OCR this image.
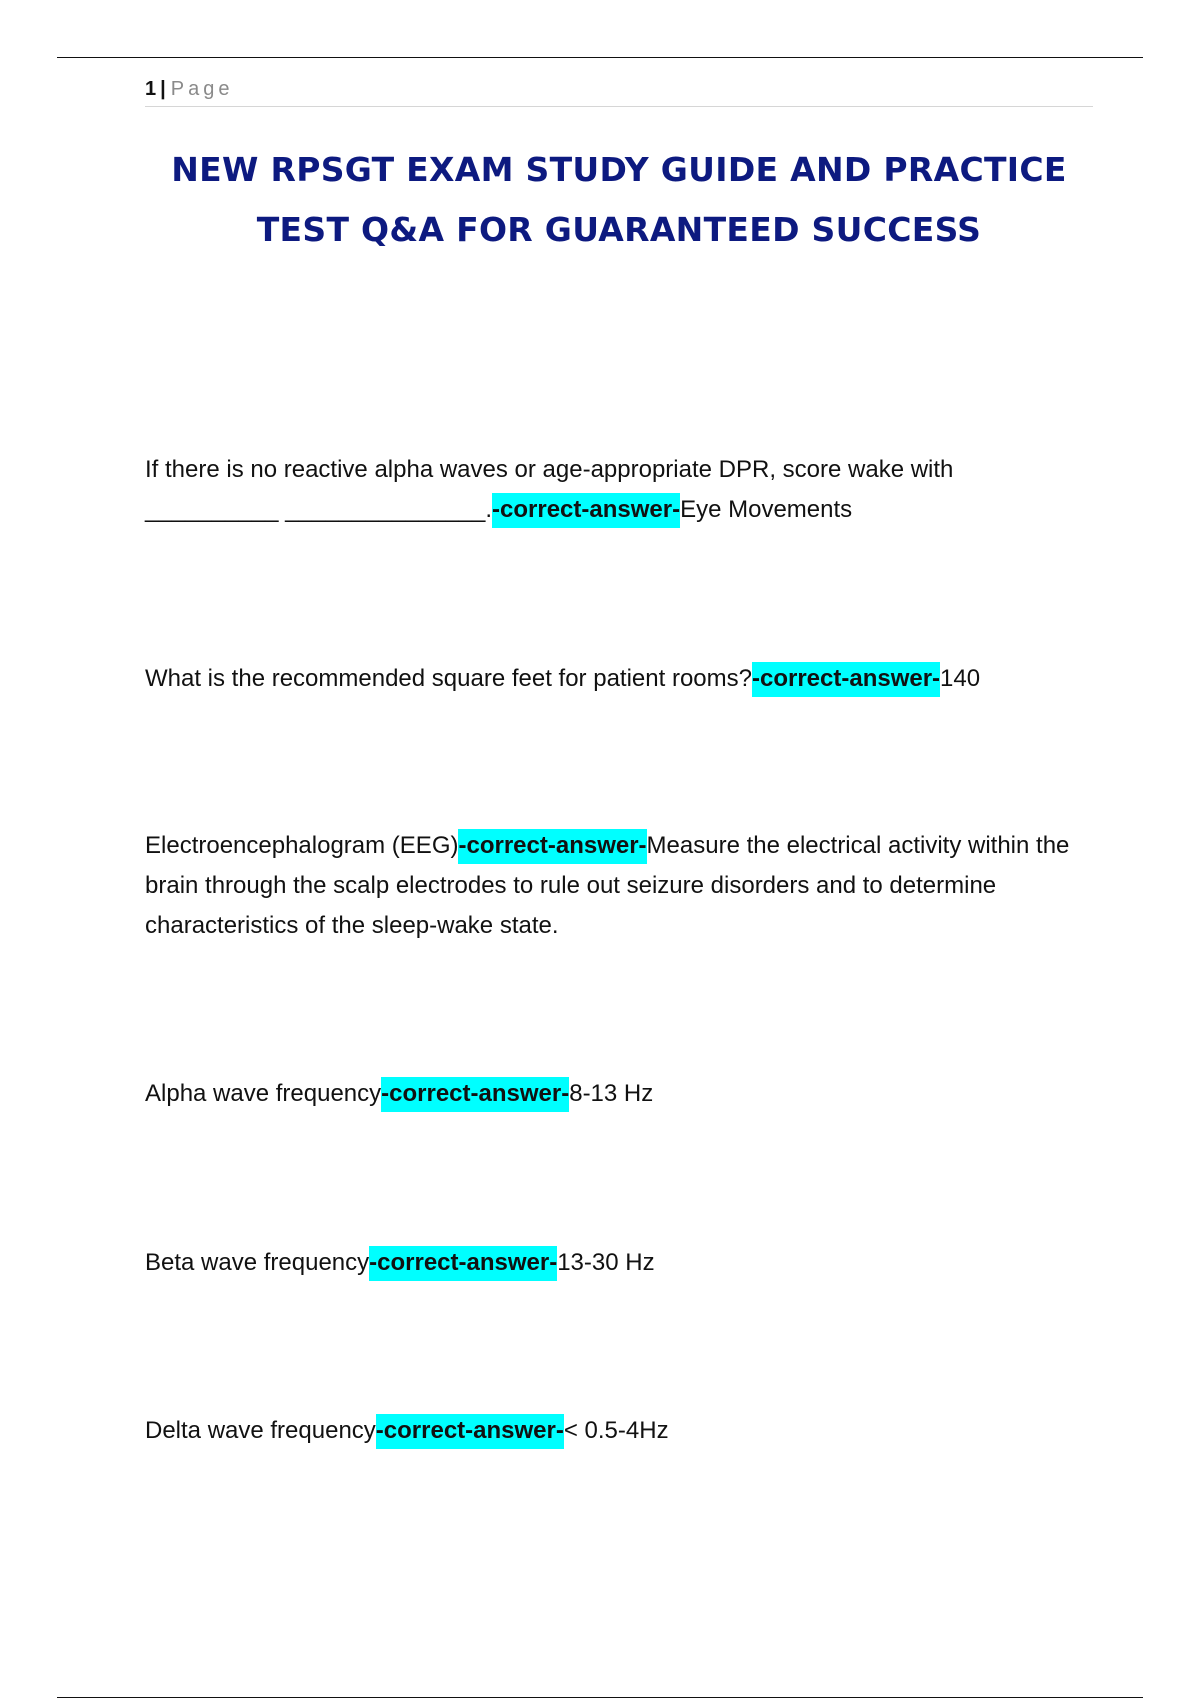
1 | Page
NEW RPSGT EXAM STUDY GUIDE AND PRACTICE TEST Q&A FOR GUARANTEED SUCCESS

If there is no reactive alpha waves or age-appropriate DPR, score wake with __________ _______________.-correct-answer-Eye Movements

What is the recommended square feet for patient rooms?-correct-answer-140

Electroencephalogram (EEG)-correct-answer-Measure the electrical activity within the brain through the scalp electrodes to rule out seizure disorders and to determine characteristics of the sleep-wake state.

Alpha wave frequency-correct-answer-8-13 Hz

Beta wave frequency-correct-answer-13-30 Hz

Delta wave frequency-correct-answer-< 0.5-4Hz
